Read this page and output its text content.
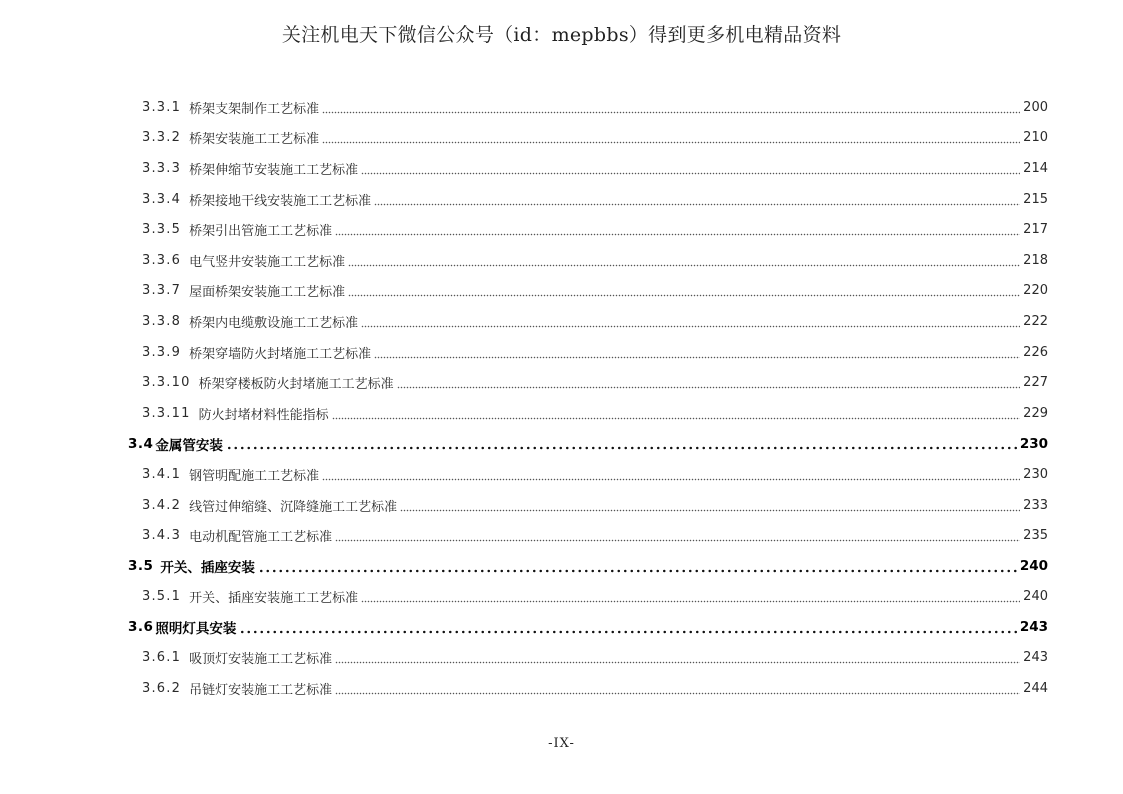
关注机电天下微信公众号（id：mepbbs）得到更多机电精品资料
3.3.1 桥架支架制作工艺标准	200
3.3.2 桥架安装施工工艺标准	210
3.3.3 桥架伸缩节安装施工工艺标准	214
3.3.4 桥架接地干线安装施工工艺标准	215
3.3.5 桥架引出管施工工艺标准	217
3.3.6 电气竖井安装施工工艺标准	218
3.3.7 屋面桥架安装施工工艺标准	220
3.3.8 桥架内电缆敷设施工工艺标准	222
3.3.9 桥架穿墙防火封堵施工工艺标准	226
3.3.10 桥架穿楼板防火封堵施工工艺标准	227
3.3.11 防火封堵材料性能指标	229
3.4 金属管安装	230
3.4.1 钢管明配施工工艺标准	230
3.4.2 线管过伸缩缝、沉降缝施工工艺标准	233
3.4.3 电动机配管施工工艺标准	235
3.5 开关、插座安装	240
3.5.1 开关、插座安装施工工艺标准	240
3.6 照明灯具安装	243
3.6.1 吸顶灯安装施工工艺标准	243
3.6.2 吊链灯安装施工工艺标准	244
-IX-
